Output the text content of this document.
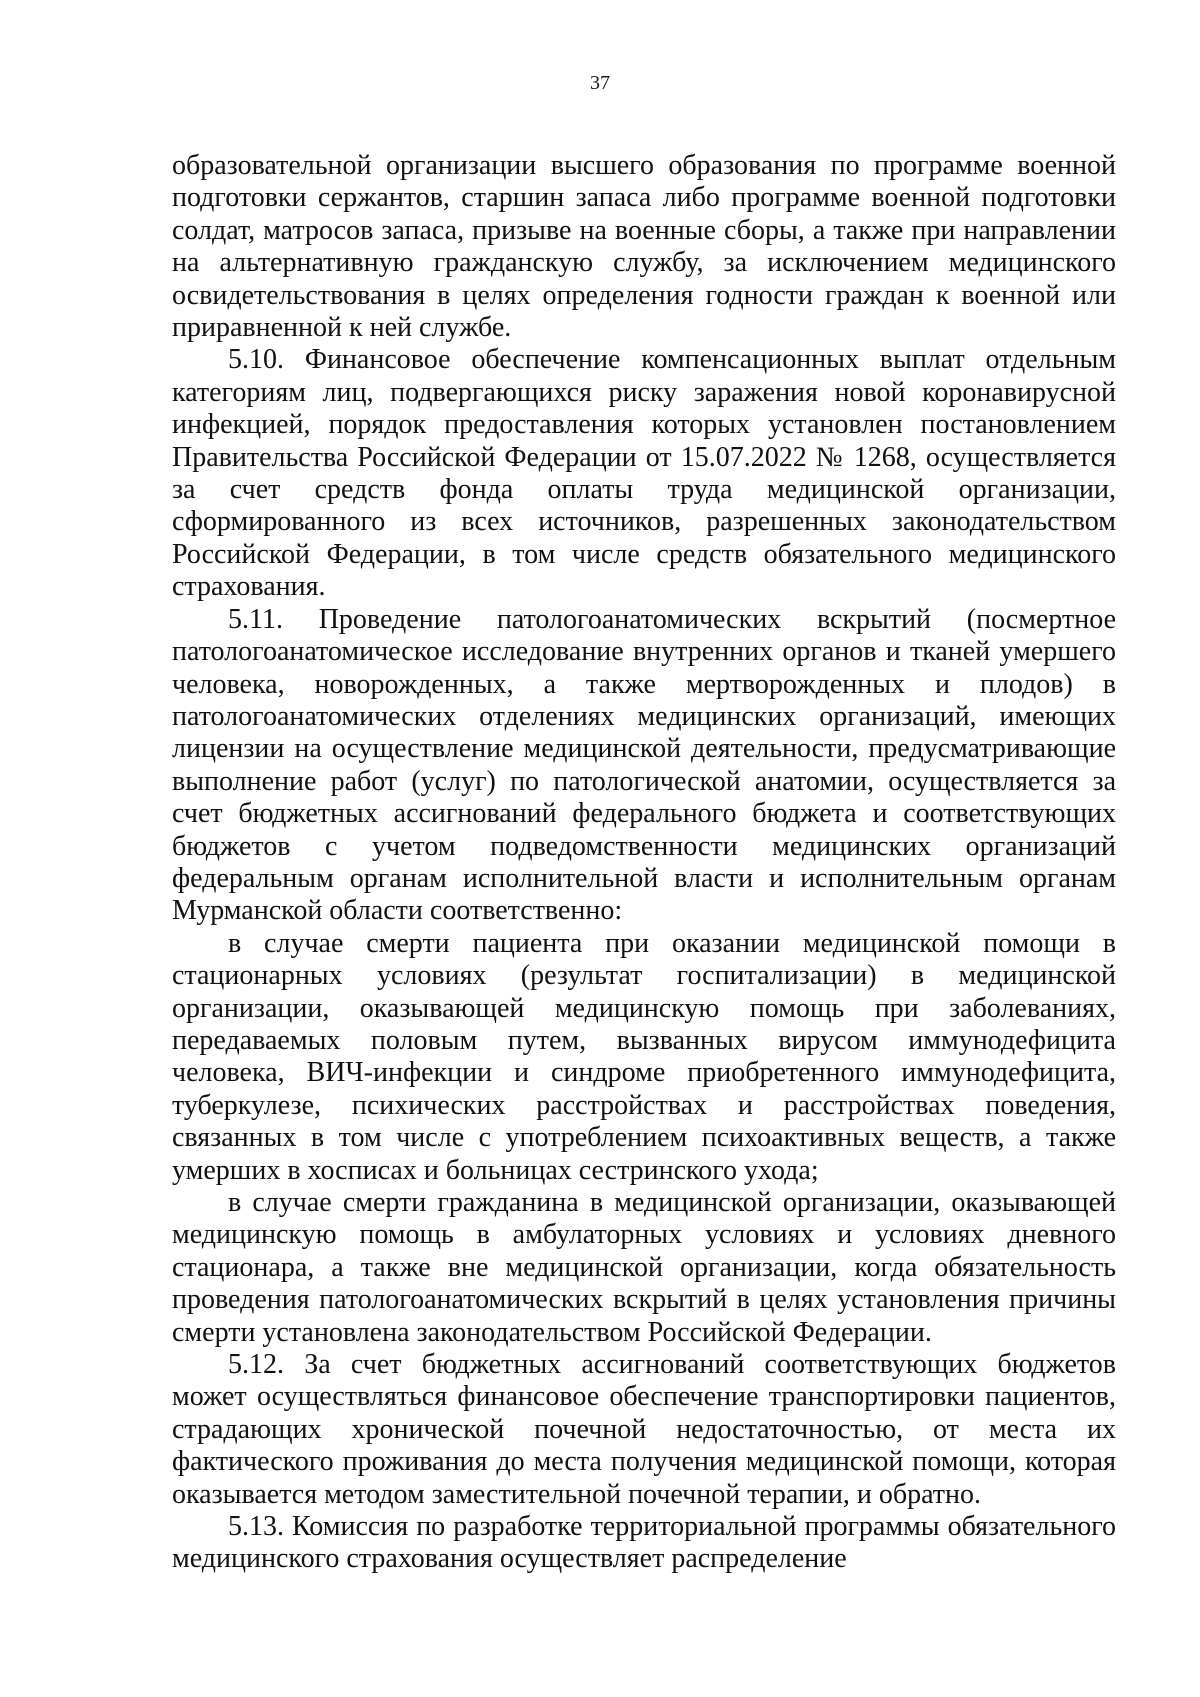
37

образовательной организации высшего образования по программе военной подготовки сержантов, старшин запаса либо программе военной подготовки солдат, матросов запаса, призыве на военные сборы, а также при направлении на альтернативную гражданскую службу, за исключением медицинского освидетельствования в целях определения годности граждан к военной или приравненной к ней службе.

5.10. Финансовое обеспечение компенсационных выплат отдельным категориям лиц, подвергающихся риску заражения новой коронавирусной инфекцией, порядок предоставления которых установлен постановлением Правительства Российской Федерации от 15.07.2022 № 1268, осуществляется за счет средств фонда оплаты труда медицинской организации, сформированного из всех источников, разрешенных законодательством Российской Федерации, в том числе средств обязательного медицинского страхования.

5.11. Проведение патологоанатомических вскрытий (посмертное патологоанатомическое исследование внутренних органов и тканей умершего человека, новорожденных, а также мертворожденных и плодов) в патологоанатомических отделениях медицинских организаций, имеющих лицензии на осуществление медицинской деятельности, предусматривающие выполнение работ (услуг) по патологической анатомии, осуществляется за счет бюджетных ассигнований федерального бюджета и соответствующих бюджетов с учетом подведомственности медицинских организаций федеральным органам исполнительной власти и исполнительным органам Мурманской области соответственно:

в случае смерти пациента при оказании медицинской помощи в стационарных условиях (результат госпитализации) в медицинской организации, оказывающей медицинскую помощь при заболеваниях, передаваемых половым путем, вызванных вирусом иммунодефицита человека, ВИЧ-инфекции и синдроме приобретенного иммунодефицита, туберкулезе, психических расстройствах и расстройствах поведения, связанных в том числе с употреблением психоактивных веществ, а также умерших в хосписах и больницах сестринского ухода;

в случае смерти гражданина в медицинской организации, оказывающей медицинскую помощь в амбулаторных условиях и условиях дневного стационара, а также вне медицинской организации, когда обязательность проведения патологоанатомических вскрытий в целях установления причины смерти установлена законодательством Российской Федерации.

5.12. За счет бюджетных ассигнований соответствующих бюджетов может осуществляться финансовое обеспечение транспортировки пациентов, страдающих хронической почечной недостаточностью, от места их фактического проживания до места получения медицинской помощи, которая оказывается методом заместительной почечной терапии, и обратно.

5.13. Комиссия по разработке территориальной программы обязательного медицинского страхования осуществляет распределение
